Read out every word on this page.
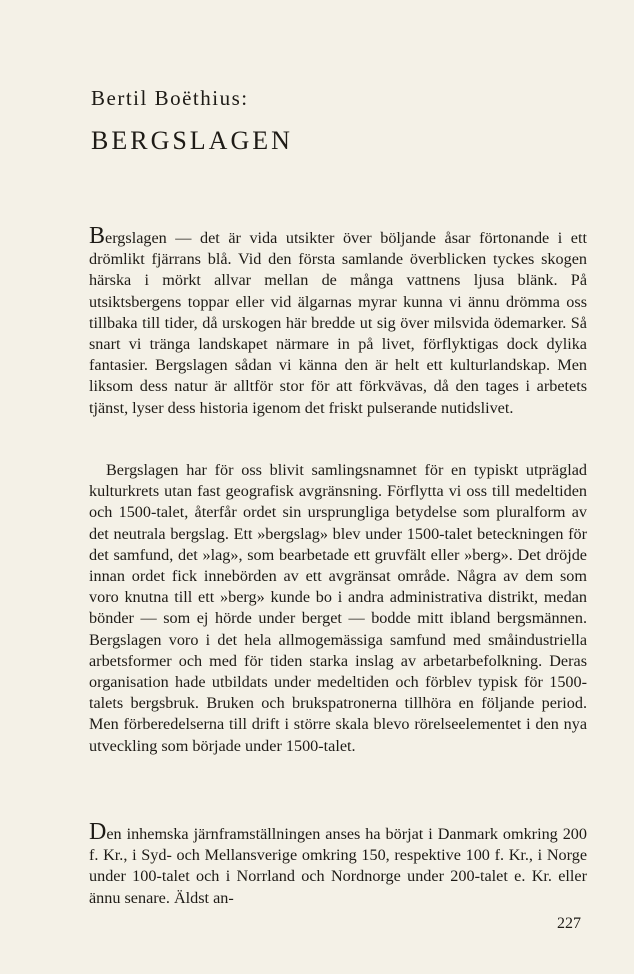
Bertil Boëthius:
BERGSLAGEN

Bergslagen — det är vida utsikter över böljande åsar förtonande i ett drömlikt fjärrans blå. Vid den första samlande överblicken tyckes skogen härska i mörkt allvar mellan de många vattnens ljusa blänk. På utsiktsbergens toppar eller vid älgarnas myrar kunna vi ännu drömma oss tillbaka till tider, då urskogen här bredde ut sig över milsvida ödemarker. Så snart vi tränga landskapet närmare in på livet, förflyktigas dock dylika fantasier. Bergslagen sådan vi känna den är helt ett kulturlandskap. Men liksom dess natur är alltför stor för att förkvävas, då den tages i arbetets tjänst, lyser dess historia igenom det friskt pulserande nutidslivet.

Bergslagen har för oss blivit samlingsnamnet för en typiskt utpräglad kulturkrets utan fast geografisk avgränsning. Förflytta vi oss till medeltiden och 1500-talet, återfår ordet sin ursprungliga betydelse som pluralform av det neutrala bergslag. Ett »bergslag» blev under 1500-talet beteckningen för det samfund, det »lag», som bearbetade ett gruvfält eller »berg». Det dröjde innan ordet fick innebörden av ett avgränsat område. Några av dem som voro knutna till ett »berg» kunde bo i andra administrativa distrikt, medan bönder — som ej hörde under berget — bodde mitt ibland bergsmännen. Bergslagen voro i det hela allmogemässiga samfund med småindustriella arbetsformer och med för tiden starka inslag av arbetarbefolkning. Deras organisation hade utbildats under medeltiden och förblev typisk för 1500-talets bergsbruk. Bruken och brukspatronerna tillhöra en följande period. Men förberedelserna till drift i större skala blevo rörelseelementet i den nya utveckling som började under 1500-talet.

Den inhemska järnframställningen anses ha börjat i Danmark omkring 200 f. Kr., i Syd- och Mellansverige omkring 150, respektive 100 f. Kr., i Norge under 100-talet och i Norrland och Nordnorge under 200-talet e. Kr. eller ännu senare. Äldst an-

227
